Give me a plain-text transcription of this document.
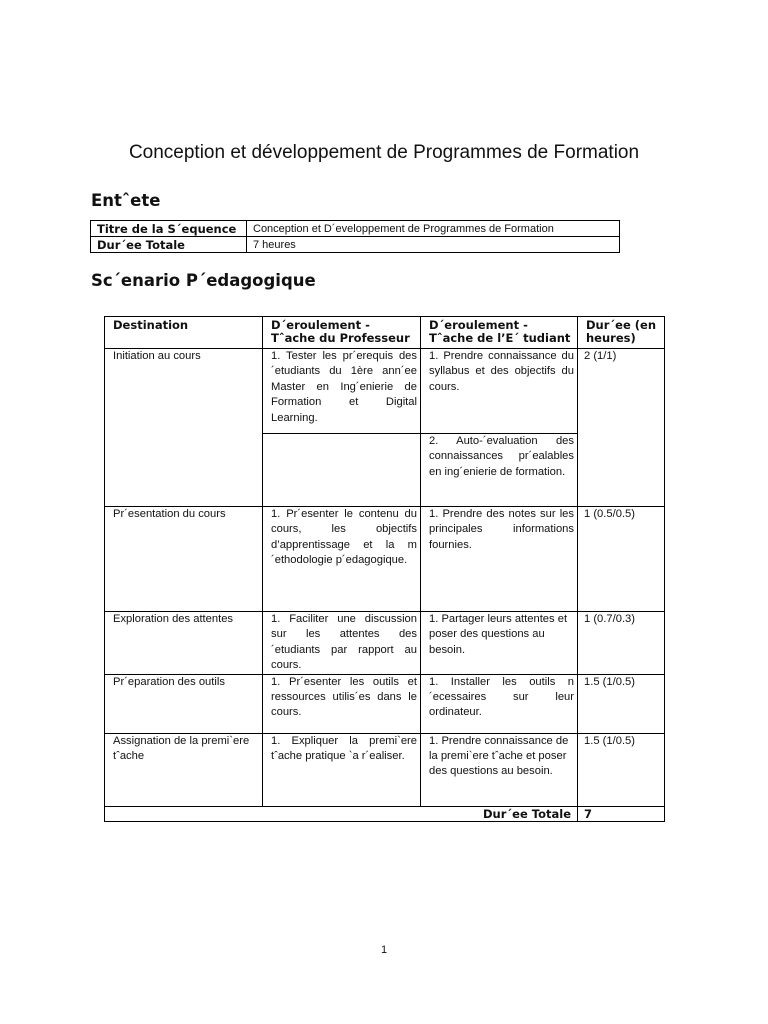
Conception et développement de Programmes de Formation
Entˆete
Titre de la S´equence	Conception et D´eveloppement de Programmes de Formation
Dur´ee Totale	7 heures
Sc´enario P´edagogique
Destination	D´eroulement - Tˆache du Professeur	D´eroulement - Tˆache de l’E´ tudiant	Dur´ee (en heures)
Initiation au cours	1. Tester les pr´erequis des ´etudiants du 1ère ann´ee Master en Ing´enierie de Formation et Digital Learning.	1. Prendre connaissance du syllabus et des objectifs du cours.	2 (1/1)
		2. Auto-´evaluation des connaissances pr´ealables en ing´enierie de formation.	
Pr´esentation du cours	1. Pr´esenter le contenu du cours, les objectifs d’apprentissage et la m´ethodologie p´edagogique.	1. Prendre des notes sur les principales informations fournies.	1 (0.5/0.5)
Exploration des attentes	1. Faciliter une discussion sur les attentes des ´etudiants par rapport au cours.	1. Partager leurs attentes et poser des questions au besoin.	1 (0.7/0.3)
Pr´eparation des outils	1. Pr´esenter les outils et ressources utilis´es dans le cours.	1. Installer les outils n´ecessaires sur leur ordinateur.	1.5 (1/0.5)
Assignation de la premi`ere tˆache	1. Expliquer la premi`ere tˆache pratique `a r´ealiser.	1. Prendre connaissance de la premi`ere tˆache et poser des questions au besoin.	1.5 (1/0.5)
Dur´ee Totale			7
1
